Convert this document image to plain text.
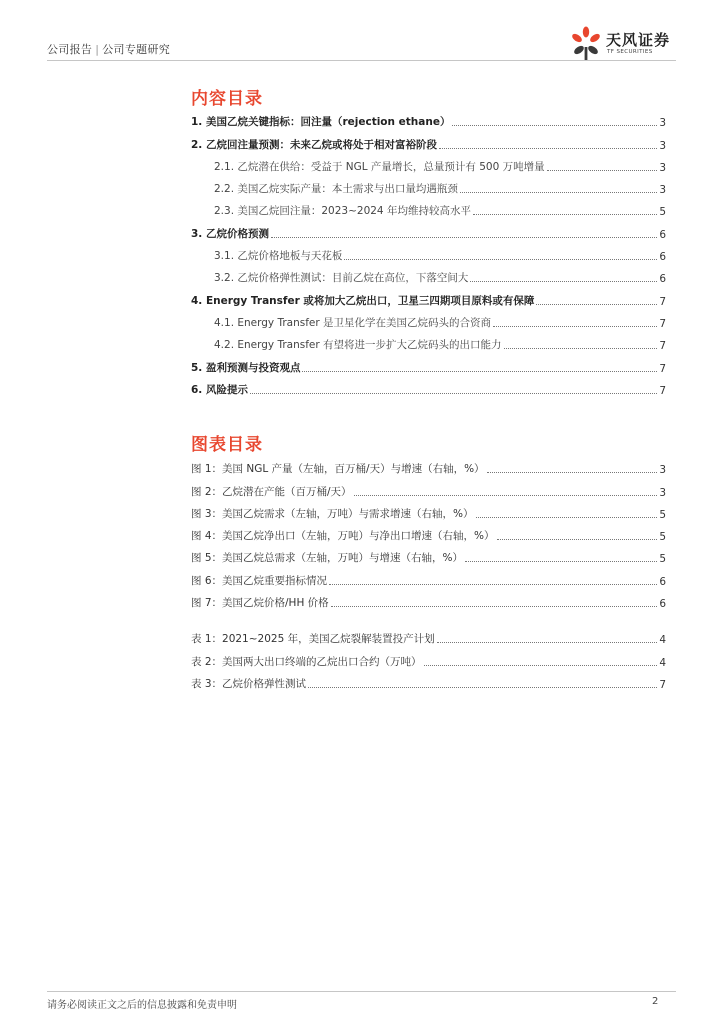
公司报告 | 公司专题研究
天风证券
TF SECURITIES
内容目录
1. 美国乙烷关键指标：回注量（rejection ethane）	3
2. 乙烷回注量预测：未来乙烷或将处于相对富裕阶段	3
2.1. 乙烷潜在供给：受益于 NGL 产量增长，总量预计有 500 万吨增量	3
2.2. 美国乙烷实际产量：本土需求与出口量均遇瓶颈	3
2.3. 美国乙烷回注量：2023~2024 年均维持较高水平	5
3. 乙烷价格预测	6
3.1. 乙烷价格地板与天花板	6
3.2. 乙烷价格弹性测试：目前乙烷在高位，下落空间大	6
4. Energy Transfer 或将加大乙烷出口，卫星三四期项目原料或有保障	7
4.1. Energy Transfer 是卫星化学在美国乙烷码头的合资商	7
4.2. Energy Transfer 有望将进一步扩大乙烷码头的出口能力	7
5. 盈利预测与投资观点	7
6. 风险提示	7
图表目录
图 1：美国 NGL 产量（左轴，百万桶/天）与增速（右轴，%）	3
图 2：乙烷潜在产能（百万桶/天）	3
图 3：美国乙烷需求（左轴，万吨）与需求增速（右轴，%）	5
图 4：美国乙烷净出口（左轴，万吨）与净出口增速（右轴，%）	5
图 5：美国乙烷总需求（左轴，万吨）与增速（右轴，%）	5
图 6：美国乙烷重要指标情况	6
图 7：美国乙烷价格/HH 价格	6
表 1：2021~2025 年，美国乙烷裂解装置投产计划	4
表 2：美国两大出口终端的乙烷出口合约（万吨）	4
表 3：乙烷价格弹性测试	7
请务必阅读正文之后的信息披露和免责申明	2
